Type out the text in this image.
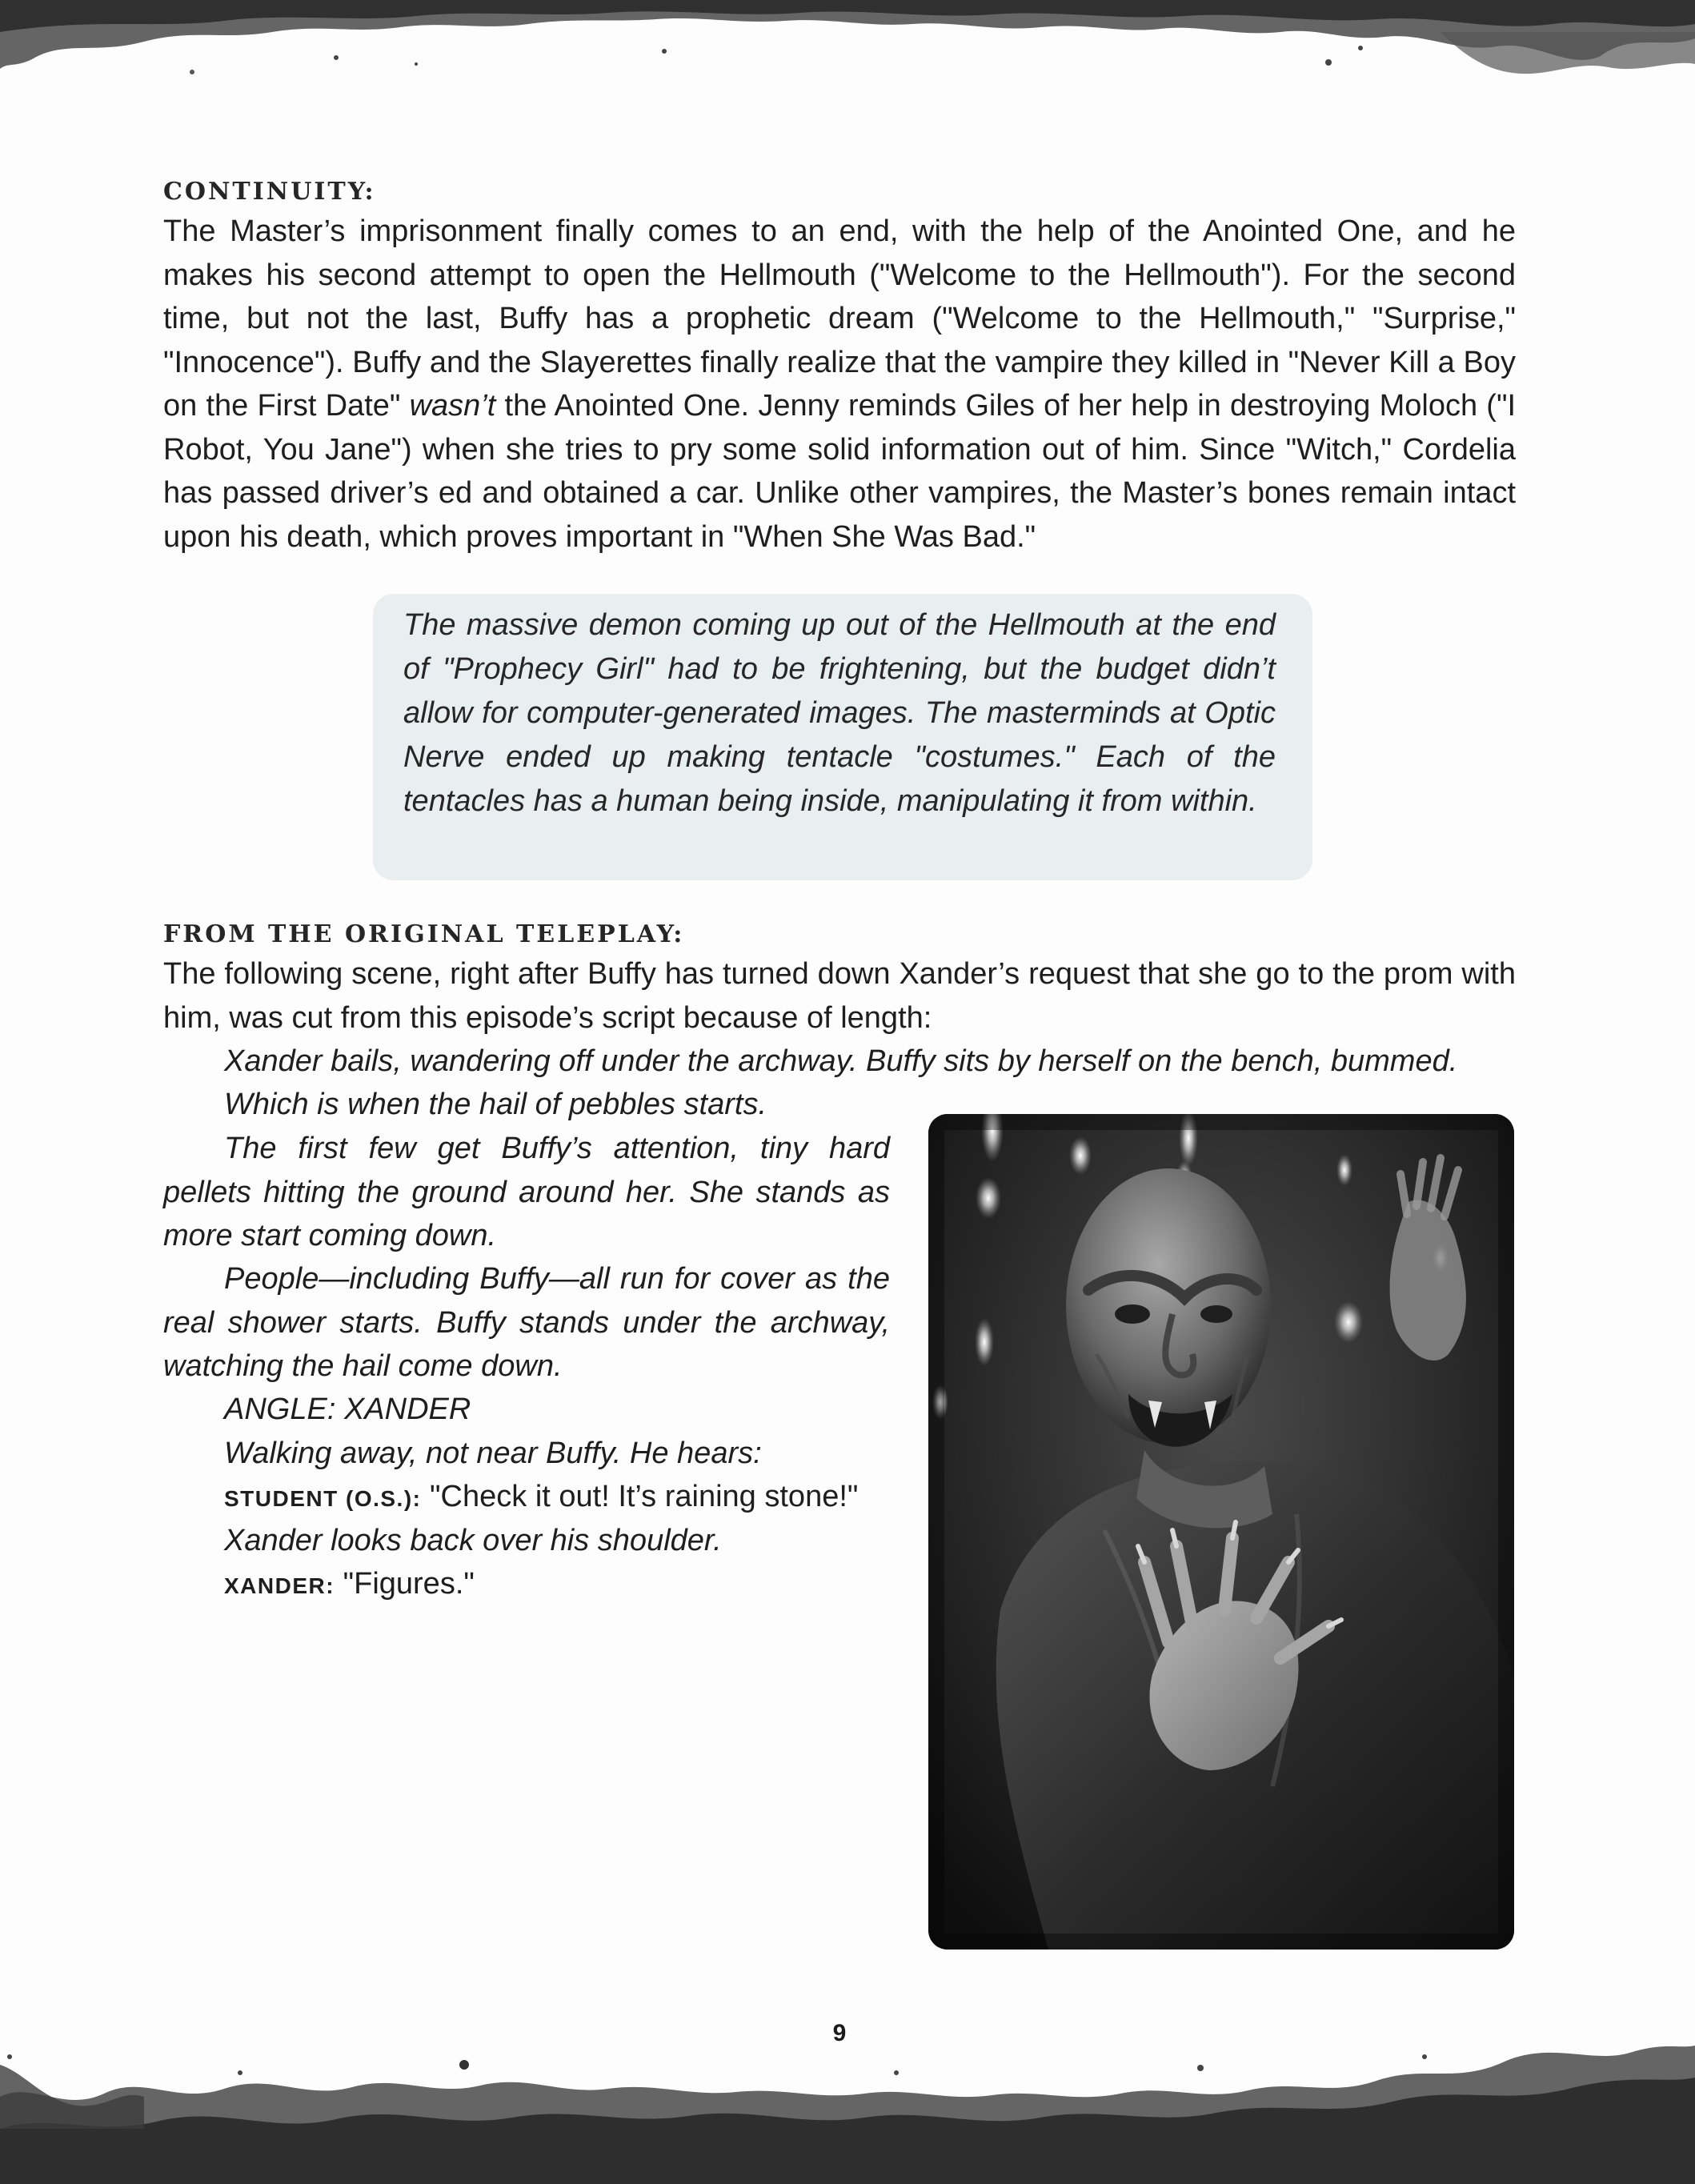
CONTINUITY:

The Master’s imprisonment finally comes to an end, with the help of the Anointed One, and he makes his second attempt to open the Hellmouth ("Welcome to the Hellmouth"). For the second time, but not the last, Buffy has a prophetic dream ("Welcome to the Hellmouth," "Surprise," "Innocence"). Buffy and the Slayerettes finally realize that the vampire they killed in "Never Kill a Boy on the First Date" wasn’t the Anointed One. Jenny reminds Giles of her help in destroying Moloch ("I Robot, You Jane") when she tries to pry some solid information out of him. Since "Witch," Cordelia has passed driver’s ed and obtained a car. Unlike other vampires, the Master’s bones remain intact upon his death, which proves important in "When She Was Bad."

The massive demon coming up out of the Hellmouth at the end of "Prophecy Girl" had to be frightening, but the budget didn’t allow for computer-generated images. The masterminds at Optic Nerve ended up making tentacle "costumes." Each of the tentacles has a human being inside, manipulating it from within.

FROM THE ORIGINAL TELEPLAY:

The following scene, right after Buffy has turned down Xander’s request that she go to the prom with him, was cut from this episode’s script because of length:

Xander bails, wandering off under the archway. Buffy sits by herself on the bench, bummed.

Which is when the hail of pebbles starts.

The first few get Buffy’s attention, tiny hard pellets hitting the ground around her. She stands as more start coming down.

People—including Buffy—all run for cover as the real shower starts. Buffy stands under the archway, watching the hail come down.

ANGLE: XANDER

Walking away, not near Buffy. He hears:

STUDENT (O.S.): "Check it out! It’s raining stone!"

Xander looks back over his shoulder.

XANDER: "Figures."

9
